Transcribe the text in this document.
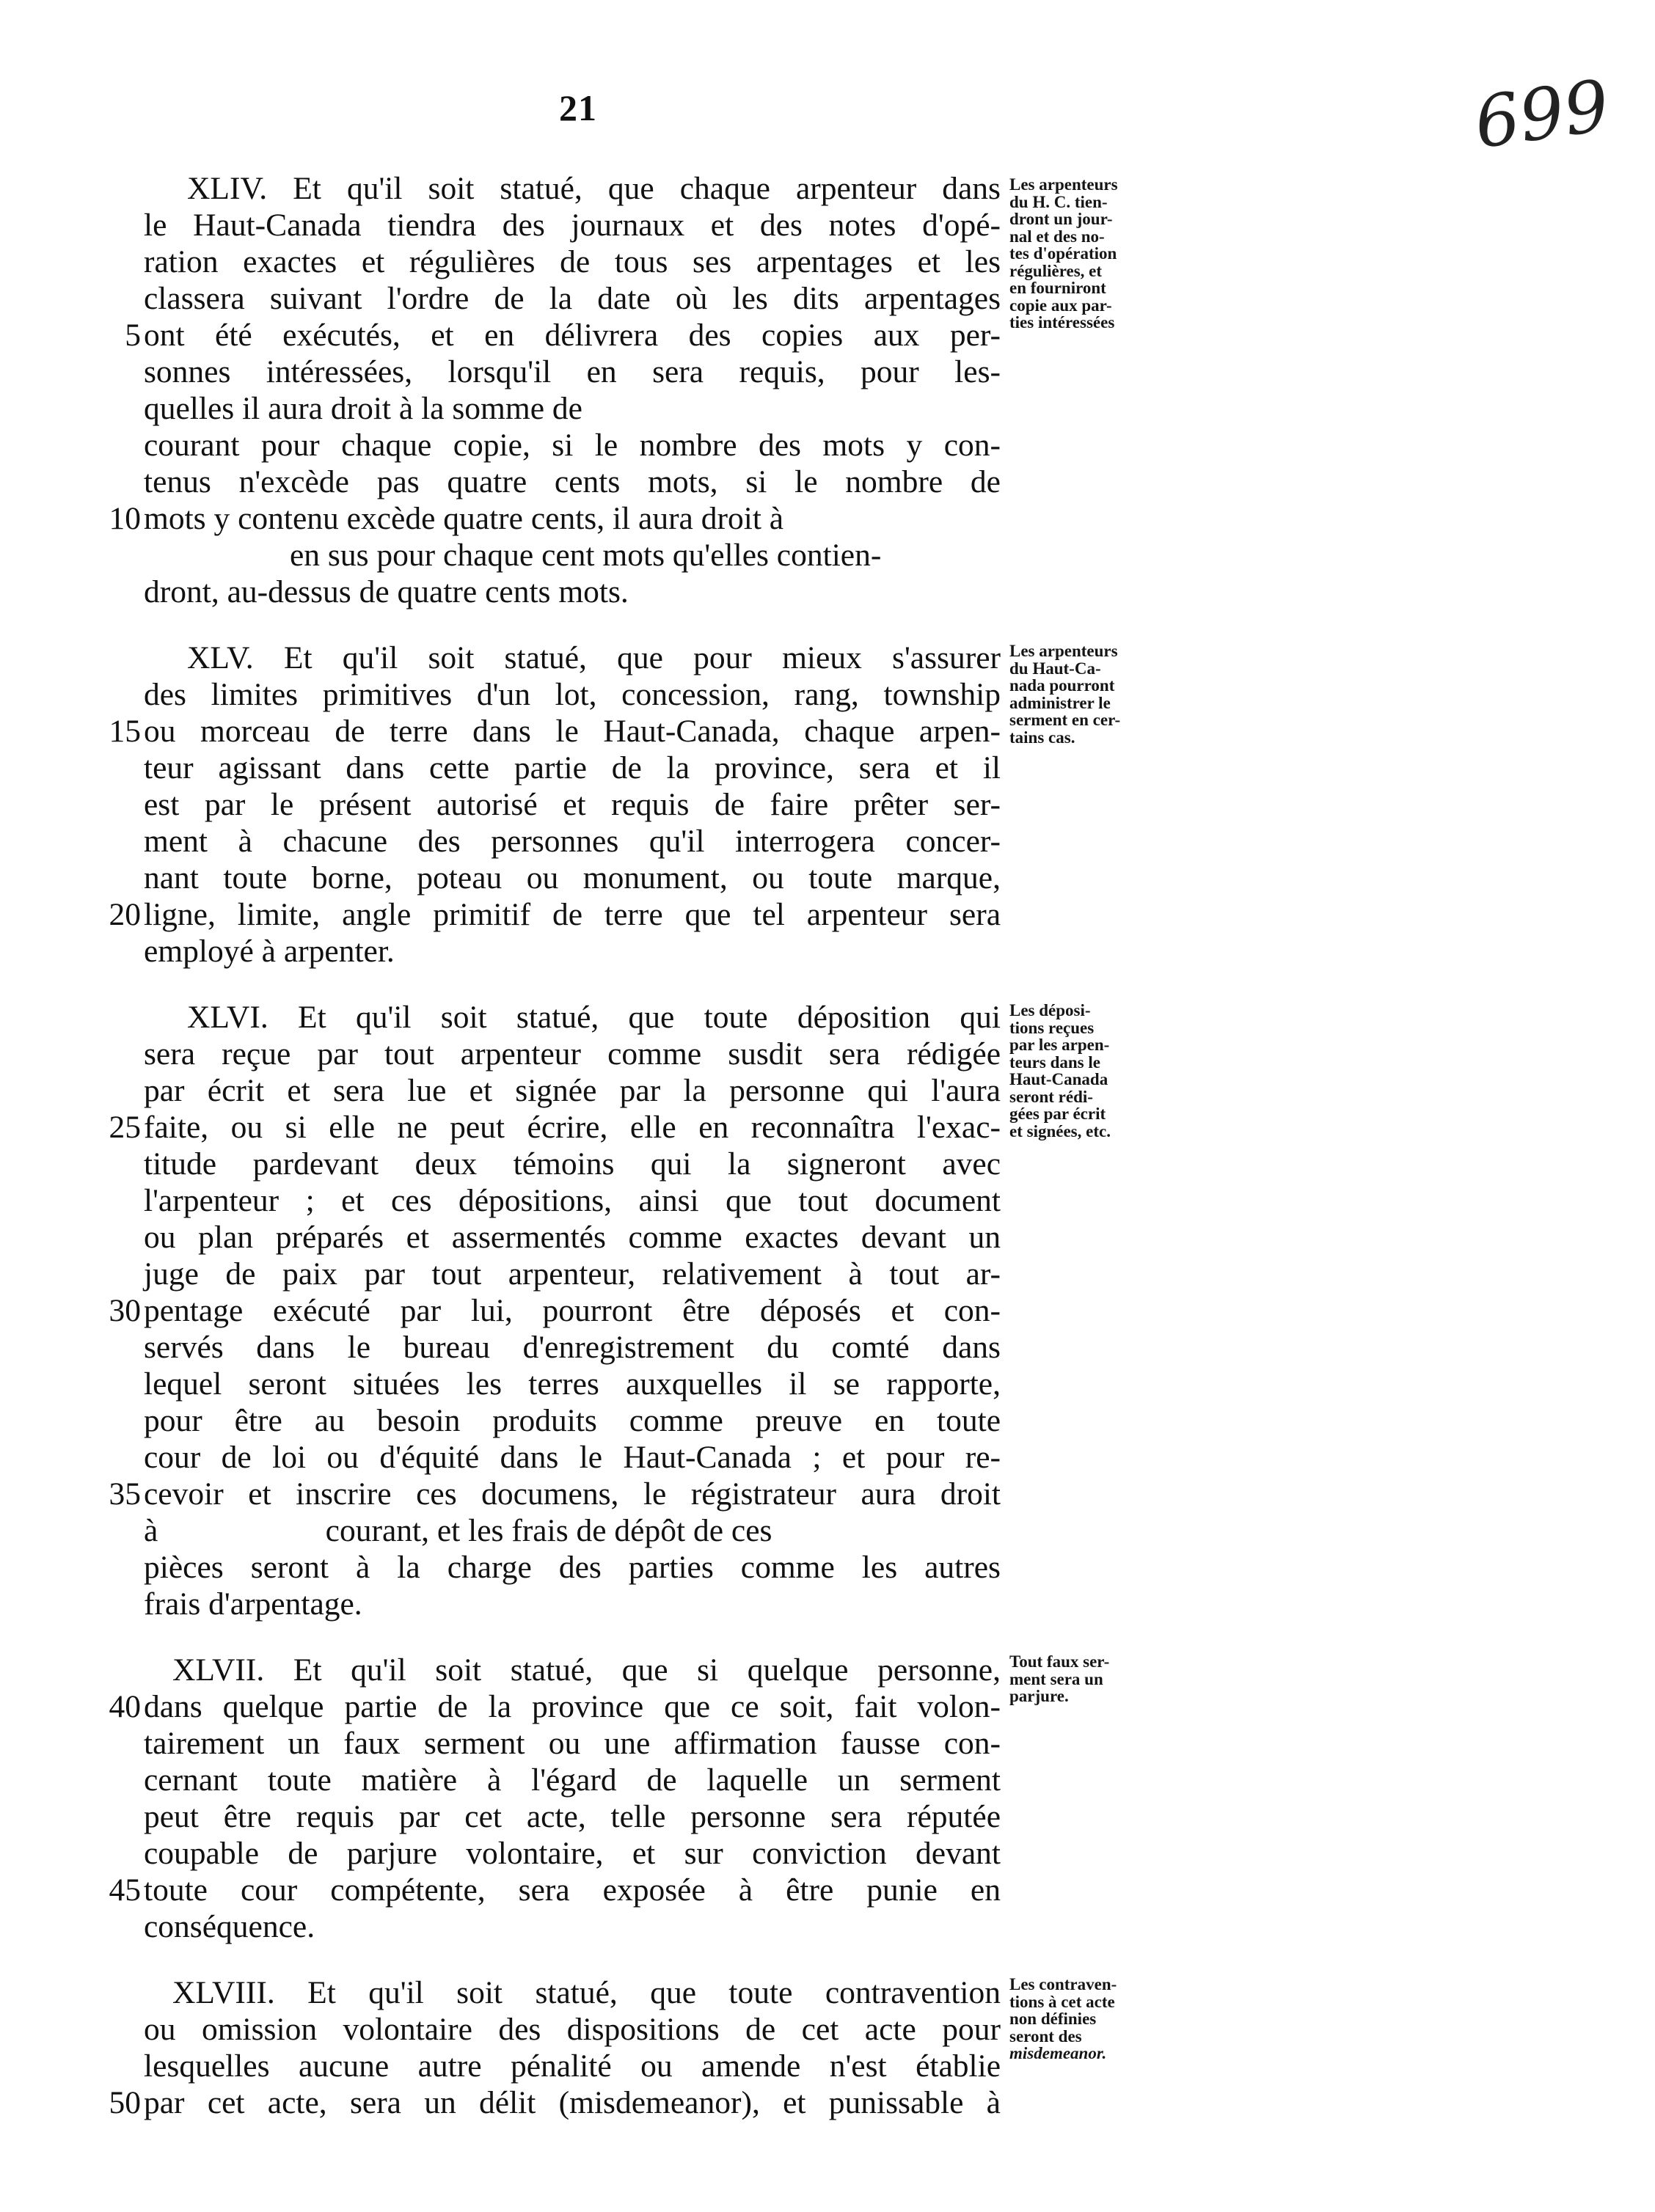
21	699
XLIV. Et qu'il soit statué, que chaque arpenteur dans
le Haut-Canada tiendra des journaux et des notes d'opé-
ration exactes et régulières de tous ses arpentages et les
classera suivant l'ordre de la date où les dits arpentages
ont été exécutés, et en délivrera des copies aux per-
sonnes intéressées, lorsqu'il en sera requis, pour les-
quelles il aura droit à la somme de
courant pour chaque copie, si le nombre des mots y con-
tenus n'excède pas quatre cents mots, si le nombre de
mots y contenu excède quatre cents, il aura droit à
en sus pour chaque cent mots qu'elles contien-
dront, au-dessus de quatre cents mots.
Les arpenteurs
du H. C. tien-
dront un jour-
nal et des no-
tes d'opération
régulières, et
en fourniront
copie aux par-
ties intéressées
XLV. Et qu'il soit statué, que pour mieux s'assurer
des limites primitives d'un lot, concession, rang, township
ou morceau de terre dans le Haut-Canada, chaque arpen-
teur agissant dans cette partie de la province, sera et il
est par le présent autorisé et requis de faire prêter ser-
ment à chacune des personnes qu'il interrogera concer-
nant toute borne, poteau ou monument, ou toute marque,
ligne, limite, angle primitif de terre que tel arpenteur sera
employé à arpenter.
Les arpenteurs
du Haut-Ca-
nada pourront
administrer le
serment en cer-
tains cas.
XLVI. Et qu'il soit statué, que toute déposition qui
sera reçue par tout arpenteur comme susdit sera rédigée
par écrit et sera lue et signée par la personne qui l'aura
faite, ou si elle ne peut écrire, elle en reconnaîtra l'exac-
titude pardevant deux témoins qui la signeront avec
l'arpenteur ; et ces dépositions, ainsi que tout document
ou plan préparés et assermentés comme exactes devant un
juge de paix par tout arpenteur, relativement à tout ar-
pentage exécuté par lui, pourront être déposés et con-
servés dans le bureau d'enregistrement du comté dans
lequel seront situées les terres auxquelles il se rapporte,
pour être au besoin produits comme preuve en toute
cour de loi ou d'équité dans le Haut-Canada ; et pour re-
cevoir et inscrire ces documens, le régistrateur aura droit
à                     courant, et les frais de dépôt de ces
pièces seront à la charge des parties comme les autres
frais d'arpentage.
Les déposi-
tions reçues
par les arpen-
teurs dans le
Haut-Canada
seront rédi-
gées par écrit
et signées, etc.
XLVII. Et qu'il soit statué, que si quelque personne,
dans quelque partie de la province que ce soit, fait volon-
tairement un faux serment ou une affirmation fausse con-
cernant toute matière à l'égard de laquelle un serment
peut être requis par cet acte, telle personne sera réputée
coupable de parjure volontaire, et sur conviction devant
toute cour compétente, sera exposée à être punie en
conséquence.
Tout faux ser-
ment sera un
parjure.
XLVIII. Et qu'il soit statué, que toute contravention
ou omission volontaire des dispositions de cet acte pour
lesquelles aucune autre pénalité ou amende n'est établie
par cet acte, sera un délit (misdemeanor), et punissable à
Les contraven-
tions à cet acte
non définies
seront des
misdemeanor.
5
10
15
20
25
30
35
40
45
50
